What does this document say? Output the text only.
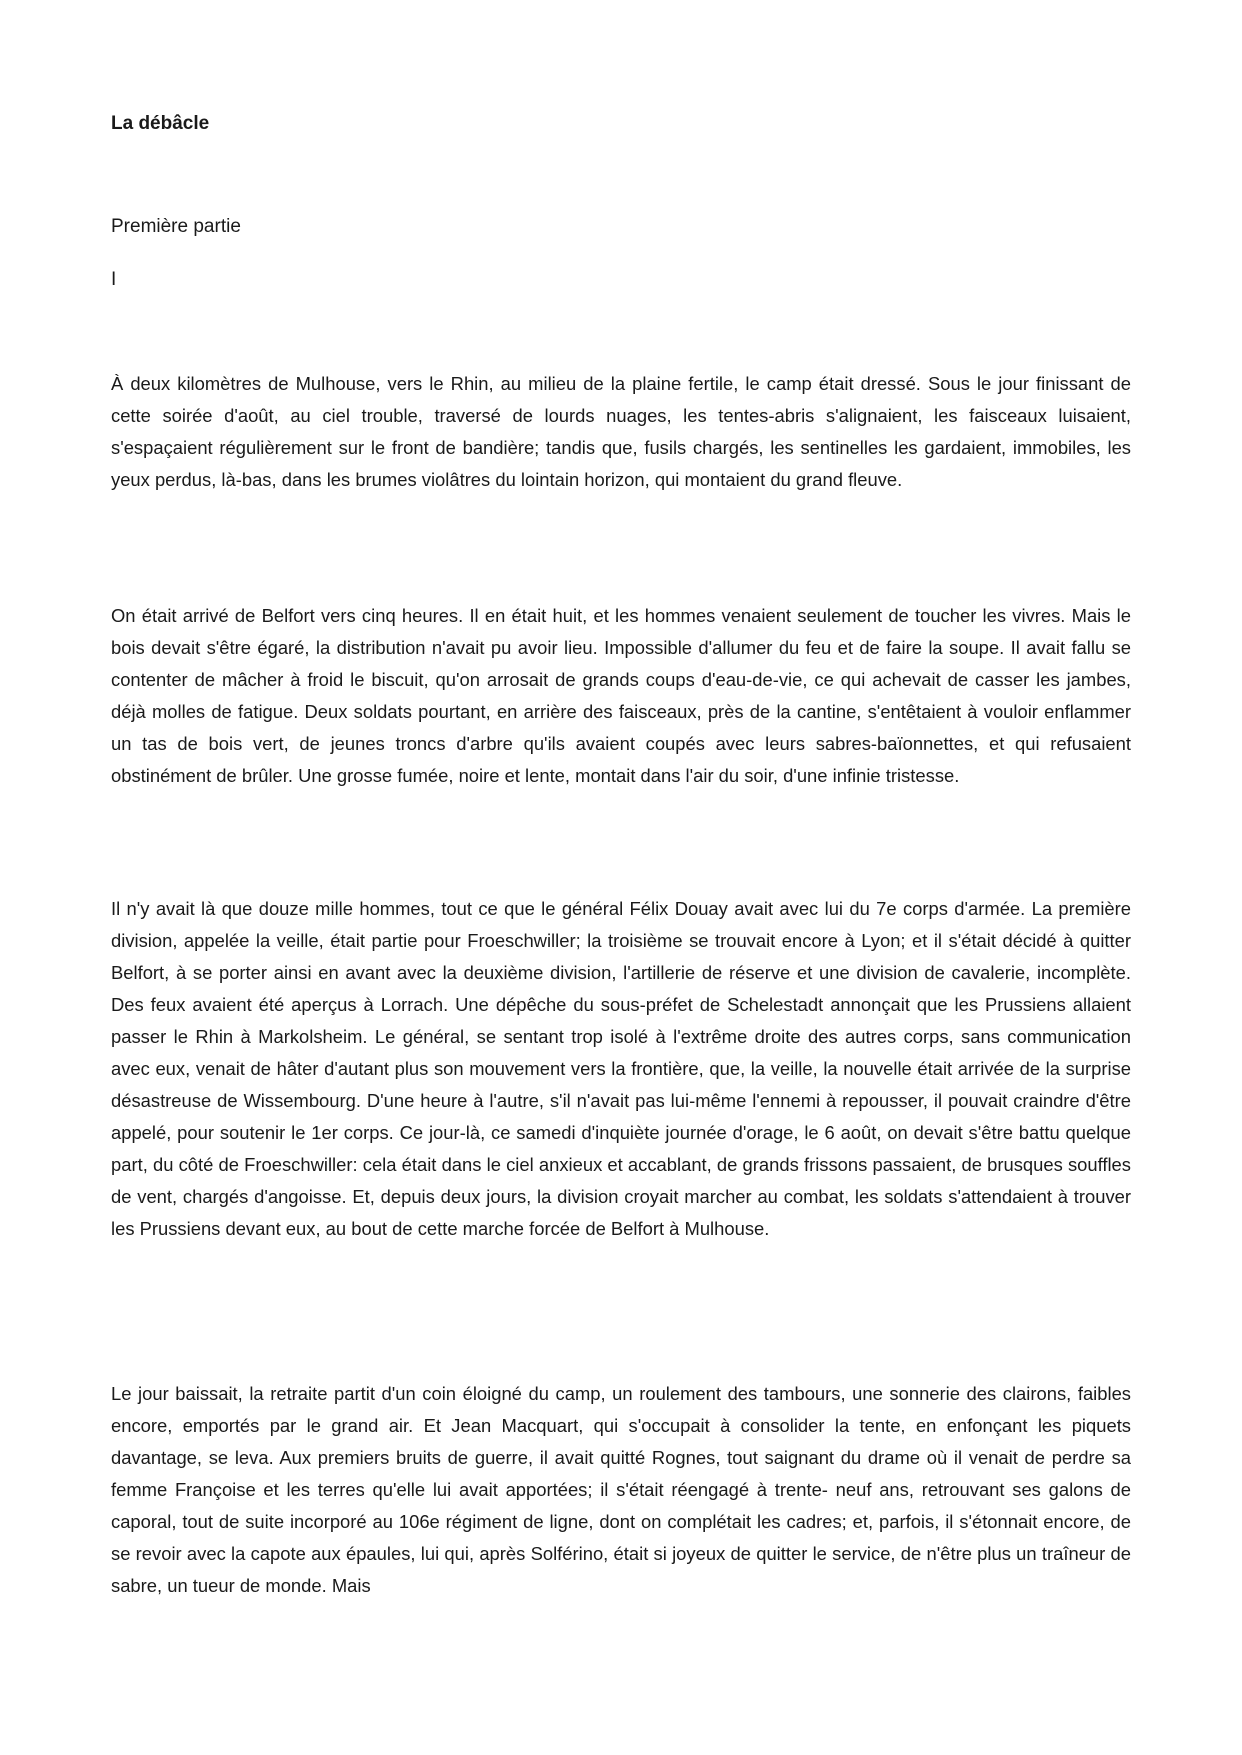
La débâcle

Première partie

I

À deux kilomètres de Mulhouse, vers le Rhin, au milieu de la plaine fertile, le camp était dressé. Sous le jour finissant de cette soirée d'août, au ciel trouble, traversé de lourds nuages, les tentes-abris s'alignaient, les faisceaux luisaient, s'espaçaient régulièrement sur le front de bandière; tandis que, fusils chargés, les sentinelles les gardaient, immobiles, les yeux perdus, là-bas, dans les brumes violâtres du lointain horizon, qui montaient du grand fleuve.

On était arrivé de Belfort vers cinq heures. Il en était huit, et les hommes venaient seulement de toucher les vivres. Mais le bois devait s'être égaré, la distribution n'avait pu avoir lieu. Impossible d'allumer du feu et de faire la soupe. Il avait fallu se contenter de mâcher à froid le biscuit, qu'on arrosait de grands coups d'eau-de-vie, ce qui achevait de casser les jambes, déjà molles de fatigue. Deux soldats pourtant, en arrière des faisceaux, près de la cantine, s'entêtaient à vouloir enflammer un tas de bois vert, de jeunes troncs d'arbre qu'ils avaient coupés avec leurs sabres-baïonnettes, et qui refusaient obstinément de brûler. Une grosse fumée, noire et lente, montait dans l'air du soir, d'une infinie tristesse.

Il n'y avait là que douze mille hommes, tout ce que le général Félix Douay avait avec lui du 7e corps d'armée. La première division, appelée la veille, était partie pour Froeschwiller; la troisième se trouvait encore à Lyon; et il s'était décidé à quitter Belfort, à se porter ainsi en avant avec la deuxième division, l'artillerie de réserve et une division de cavalerie, incomplète. Des feux avaient été aperçus à Lorrach. Une dépêche du sous-préfet de Schelestadt annonçait que les Prussiens allaient passer le Rhin à Markolsheim. Le général, se sentant trop isolé à l'extrême droite des autres corps, sans communication avec eux, venait de hâter d'autant plus son mouvement vers la frontière, que, la veille, la nouvelle était arrivée de la surprise désastreuse de Wissembourg. D'une heure à l'autre, s'il n'avait pas lui-même l'ennemi à repousser, il pouvait craindre d'être appelé, pour soutenir le 1er corps. Ce jour-là, ce samedi d'inquiète journée d'orage, le 6 août, on devait s'être battu quelque part, du côté de Froeschwiller: cela était dans le ciel anxieux et accablant, de grands frissons passaient, de brusques souffles de vent, chargés d'angoisse. Et, depuis deux jours, la division croyait marcher au combat, les soldats s'attendaient à trouver les Prussiens devant eux, au bout de cette marche forcée de Belfort à Mulhouse.

Le jour baissait, la retraite partit d'un coin éloigné du camp, un roulement des tambours, une sonnerie des clairons, faibles encore, emportés par le grand air. Et Jean Macquart, qui s'occupait à consolider la tente, en enfonçant les piquets davantage, se leva. Aux premiers bruits de guerre, il avait quitté Rognes, tout saignant du drame où il venait de perdre sa femme Françoise et les terres qu'elle lui avait apportées; il s'était réengagé à trente- neuf ans, retrouvant ses galons de caporal, tout de suite incorporé au 106e régiment de ligne, dont on complétait les cadres; et, parfois, il s'étonnait encore, de se revoir avec la capote aux épaules, lui qui, après Solférino, était si joyeux de quitter le service, de n'être plus un traîneur de sabre, un tueur de monde. Mais
